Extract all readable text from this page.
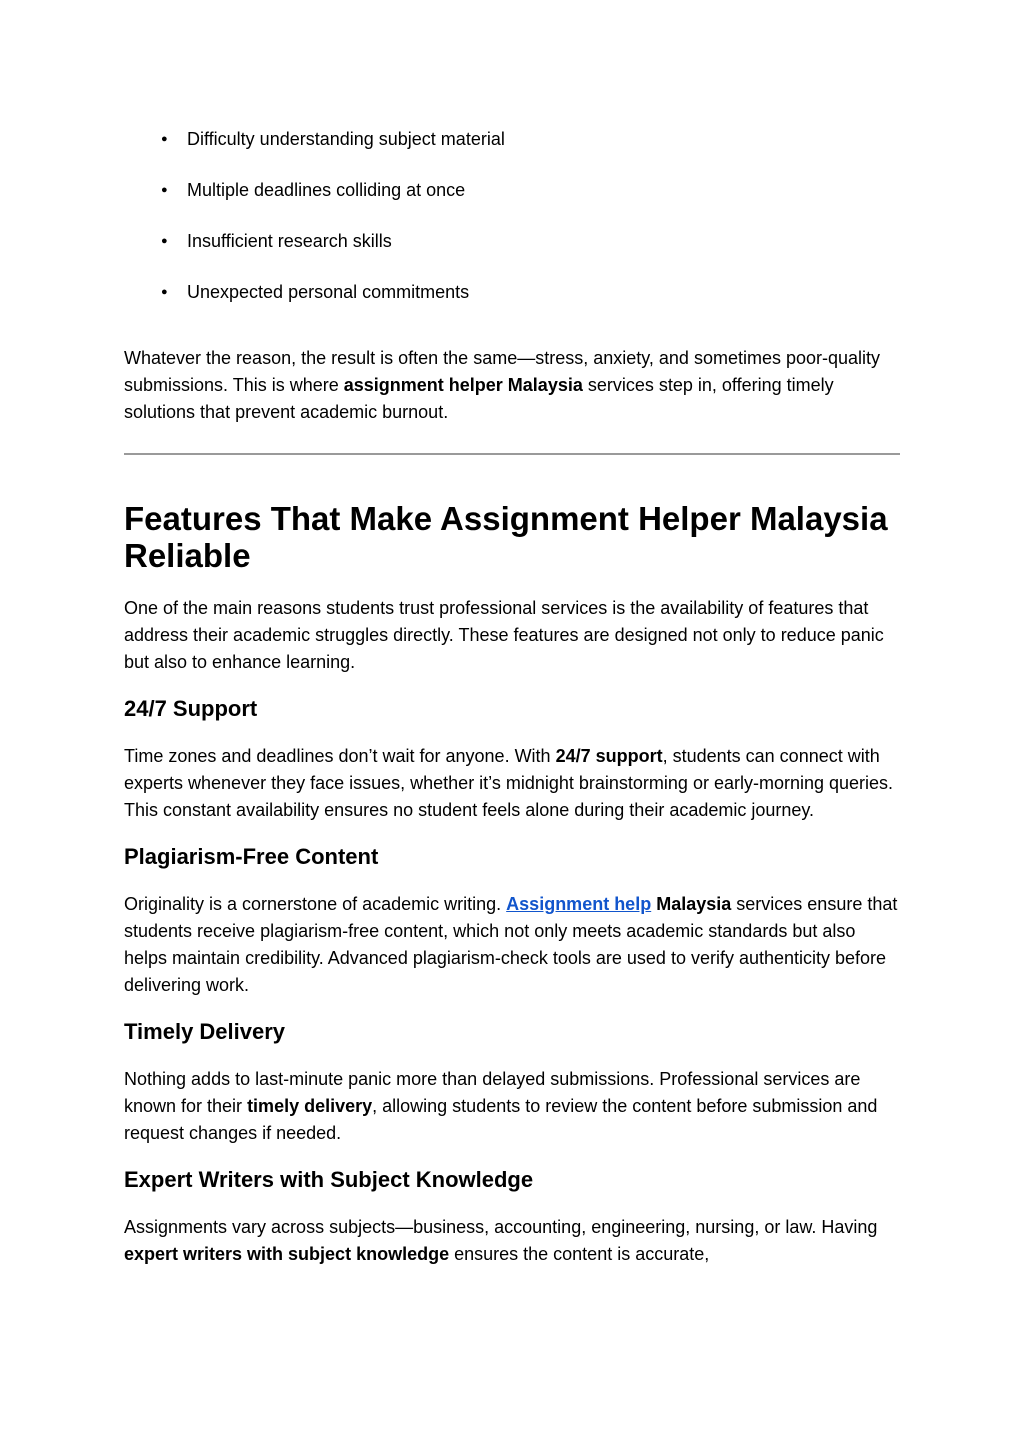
● Difficulty understanding subject material
● Multiple deadlines colliding at once
● Insufficient research skills
● Unexpected personal commitments

Whatever the reason, the result is often the same—stress, anxiety, and sometimes poor-quality submissions. This is where assignment helper Malaysia services step in, offering timely solutions that prevent academic burnout.

Features That Make Assignment Helper Malaysia Reliable

One of the main reasons students trust professional services is the availability of features that address their academic struggles directly. These features are designed not only to reduce panic but also to enhance learning.

24/7 Support

Time zones and deadlines don’t wait for anyone. With 24/7 support, students can connect with experts whenever they face issues, whether it’s midnight brainstorming or early-morning queries. This constant availability ensures no student feels alone during their academic journey.

Plagiarism-Free Content

Originality is a cornerstone of academic writing. Assignment help Malaysia services ensure that students receive plagiarism-free content, which not only meets academic standards but also helps maintain credibility. Advanced plagiarism-check tools are used to verify authenticity before delivering work.

Timely Delivery

Nothing adds to last-minute panic more than delayed submissions. Professional services are known for their timely delivery, allowing students to review the content before submission and request changes if needed.

Expert Writers with Subject Knowledge

Assignments vary across subjects—business, accounting, engineering, nursing, or law. Having expert writers with subject knowledge ensures the content is accurate,
